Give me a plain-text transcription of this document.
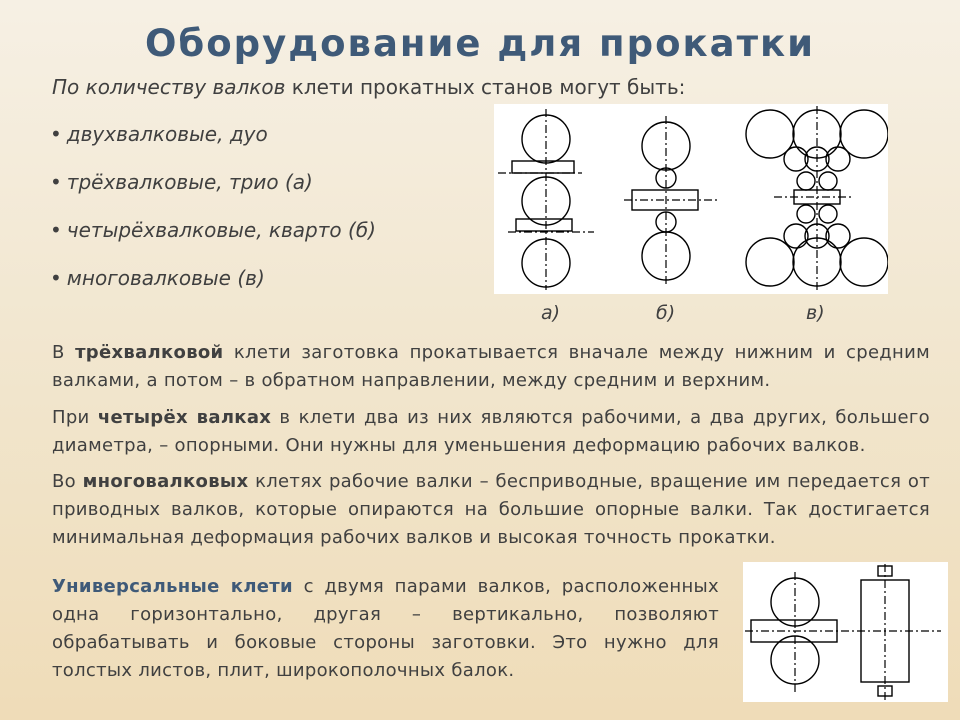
Оборудование для прокатки
По количеству валков клети прокатных станов могут быть:
• двухвалковые, дуо
• трёхвалковые, трио (а)
• четырёхвалковые, кварто (б)
• многовалковые (в)
а)	б)	в)

В трёхвалковой клети заготовка прокатывается вначале между нижним и средним валками, а потом – в обратном направлении, между средним и верхним.

При четырёх валках в клети два из них являются рабочими, а два других, большего диаметра, – опорными. Они нужны для уменьшения деформацию рабочих валков.

Во многовалковых клетях рабочие валки – бесприводные, вращение им передается от приводных валков, которые опираются на большие опорные валки. Так достигается минимальная деформация рабочих валков и высокая точность прокатки.

Универсальные клети с двумя парами валков, расположенных одна горизонтально, другая – вертикально, позволяют обрабатывать и боковые стороны заготовки. Это нужно для толстых листов, плит, широкополочных балок.
